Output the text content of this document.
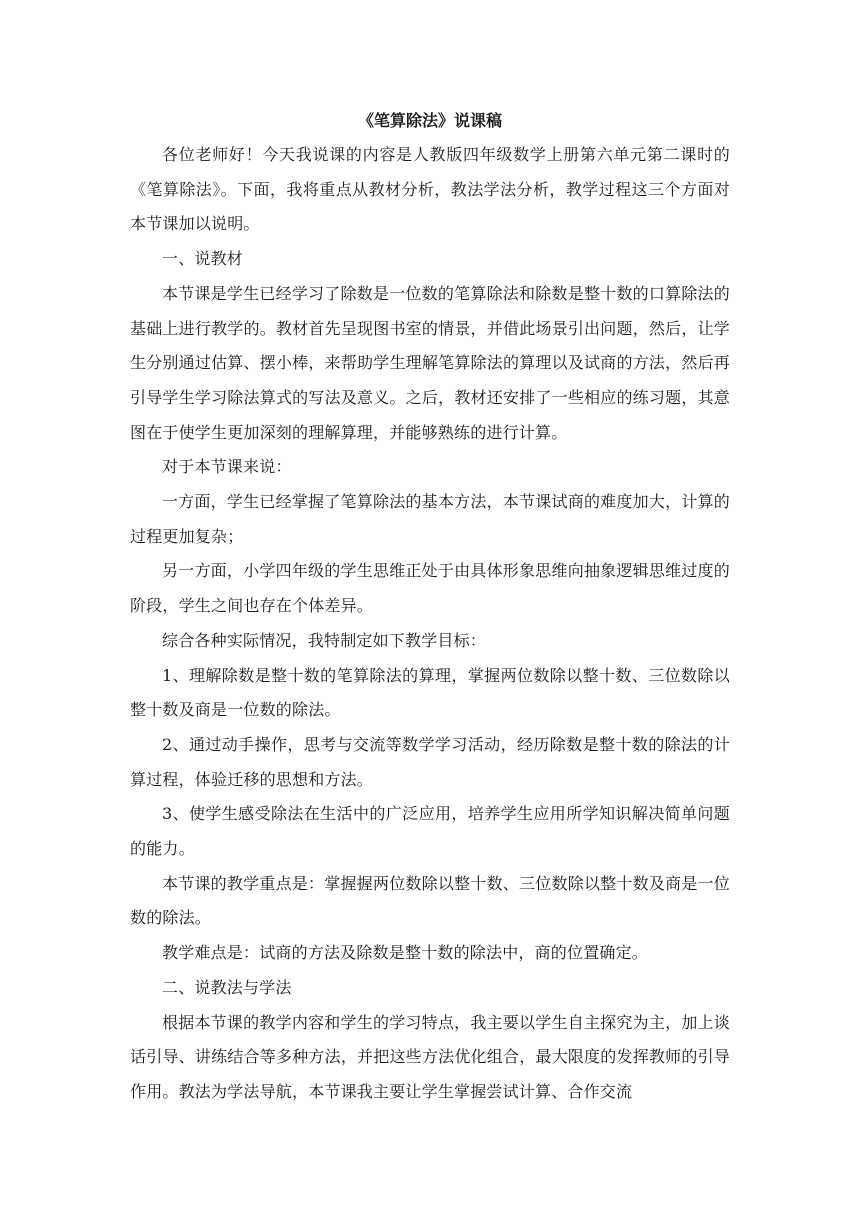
《笔算除法》说课稿

各位老师好！今天我说课的内容是人教版四年级数学上册第六单元第二课时的《笔算除法》。下面，我将重点从教材分析，教法学法分析，教学过程这三个方面对本节课加以说明。

一、说教材

本节课是学生已经学习了除数是一位数的笔算除法和除数是整十数的口算除法的基础上进行教学的。教材首先呈现图书室的情景，并借此场景引出问题，然后，让学生分别通过估算、摆小棒，来帮助学生理解笔算除法的算理以及试商的方法，然后再引导学生学习除法算式的写法及意义。之后，教材还安排了一些相应的练习题，其意图在于使学生更加深刻的理解算理，并能够熟练的进行计算。

对于本节课来说：

一方面，学生已经掌握了笔算除法的基本方法，本节课试商的难度加大，计算的过程更加复杂；

另一方面，小学四年级的学生思维正处于由具体形象思维向抽象逻辑思维过度的阶段，学生之间也存在个体差异。

综合各种实际情况，我特制定如下教学目标：

1、理解除数是整十数的笔算除法的算理，掌握两位数除以整十数、三位数除以整十数及商是一位数的除法。

2、通过动手操作，思考与交流等数学学习活动，经历除数是整十数的除法的计算过程，体验迁移的思想和方法。

3、使学生感受除法在生活中的广泛应用，培养学生应用所学知识解决简单问题的能力。

本节课的教学重点是：掌握握两位数除以整十数、三位数除以整十数及商是一位数的除法。

教学难点是：试商的方法及除数是整十数的除法中，商的位置确定。

二、说教法与学法

根据本节课的教学内容和学生的学习特点，我主要以学生自主探究为主，加上谈话引导、讲练结合等多种方法，并把这些方法优化组合，最大限度的发挥教师的引导作用。教法为学法导航，本节课我主要让学生掌握尝试计算、合作交流
